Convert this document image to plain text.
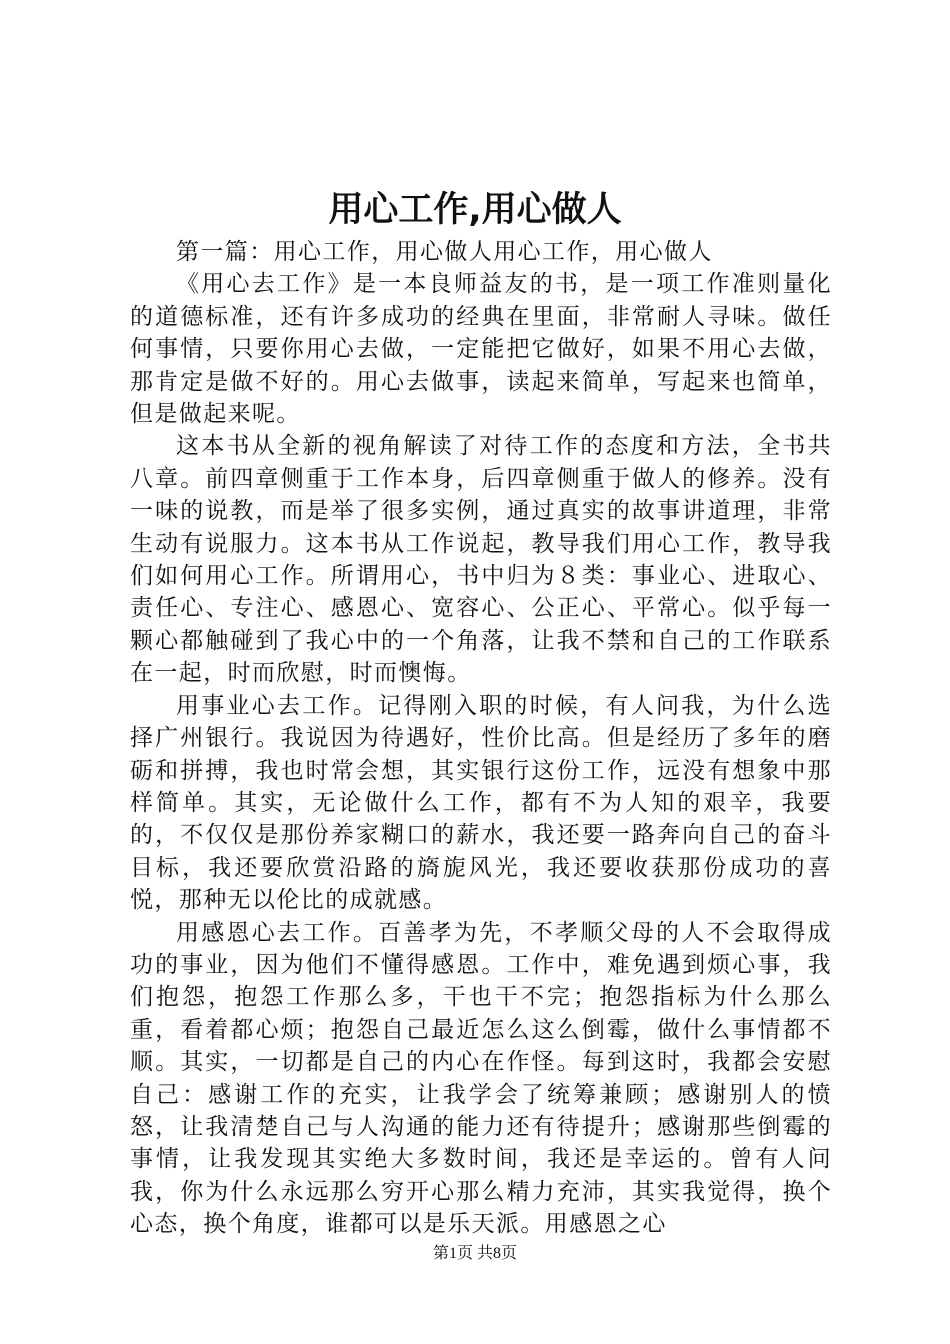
用心工作,用心做人

第一篇：用心工作，用心做人用心工作，用心做人

《用心去工作》是一本良师益友的书，是一项工作准则量化的道德标准，还有许多成功的经典在里面，非常耐人寻味。做任何事情，只要你用心去做，一定能把它做好，如果不用心去做，那肯定是做不好的。用心去做事，读起来简单，写起来也简单，但是做起来呢。

这本书从全新的视角解读了对待工作的态度和方法，全书共八章。前四章侧重于工作本身，后四章侧重于做人的修养。没有一味的说教，而是举了很多实例，通过真实的故事讲道理，非常生动有说服力。这本书从工作说起，教导我们用心工作，教导我们如何用心工作。所谓用心，书中归为８类：事业心、进取心、责任心、专注心、感恩心、宽容心、公正心、平常心。似乎每一颗心都触碰到了我心中的一个角落，让我不禁和自己的工作联系在一起，时而欣慰，时而懊悔。

用事业心去工作。记得刚入职的时候，有人问我，为什么选择广州银行。我说因为待遇好，性价比高。但是经历了多年的磨砺和拼搏，我也时常会想，其实银行这份工作，远没有想象中那样简单。其实，无论做什么工作，都有不为人知的艰辛，我要的，不仅仅是那份养家糊口的薪水，我还要一路奔向自己的奋斗目标，我还要欣赏沿路的旖旎风光，我还要收获那份成功的喜悦，那种无以伦比的成就感。

用感恩心去工作。百善孝为先，不孝顺父母的人不会取得成功的事业，因为他们不懂得感恩。工作中，难免遇到烦心事，我们抱怨，抱怨工作那么多，干也干不完；抱怨指标为什么那么重，看着都心烦；抱怨自己最近怎么这么倒霉，做什么事情都不顺。其实，一切都是自己的内心在作怪。每到这时，我都会安慰自己：感谢工作的充实，让我学会了统筹兼顾；感谢别人的愤怒，让我清楚自己与人沟通的能力还有待提升；感谢那些倒霉的事情，让我发现其实绝大多数时间，我还是幸运的。曾有人问我，你为什么永远那么穷开心那么精力充沛，其实我觉得，换个心态，换个角度，谁都可以是乐天派。用感恩之心

第1页 共8页
